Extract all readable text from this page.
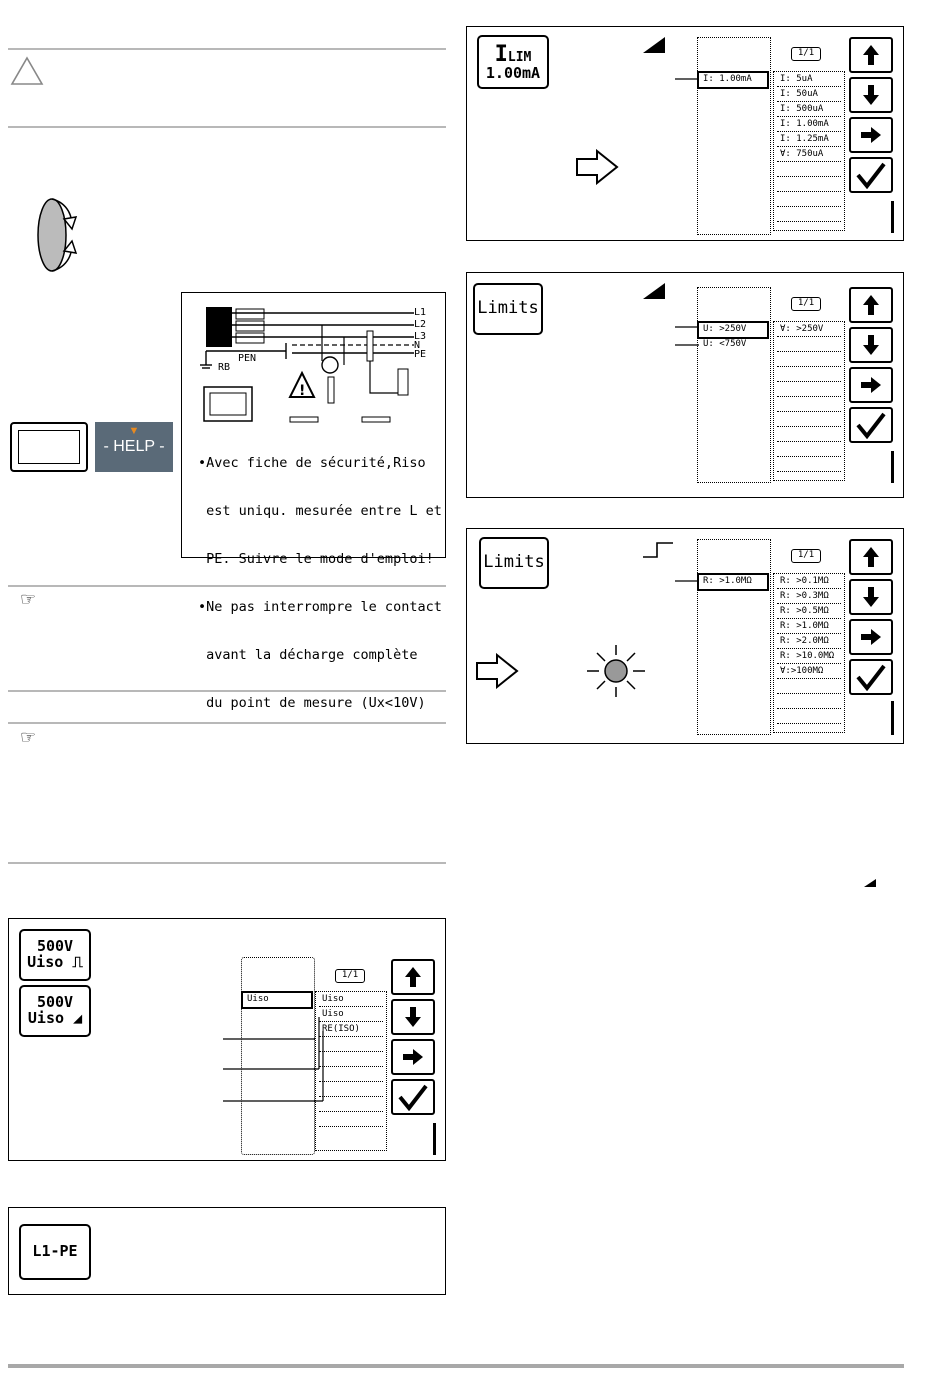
▼
- HELP -
!
L1
L2
L3
N
PE
PEN
RB

•Avec fiche de sécurité,Riso

est uniqu. mesurée entre L et

PE. Suivre le mode d'emploi!

•Ne pas interrompre le contact

avant la décharge complète

du point de mesure (Ux<10V)

☞
☞
500V
Uiso ⎍
500V
Uiso ◢
Uiso
1/1
Uiso
Uiso
RE(ISO)
L1-PE
ILIM
1.00mA	I: 1.00mA
1/1
I: 5uA
I: 50uA
I: 500uA
I: 1.00mA
I: 1.25mA
Ɐ: 750uA
Limits
U: >250V
U: <750V
1/1
Ɐ: >250V
Limits
R: >1.0MΩ
1/1
R: >0.1MΩ
R: >0.3MΩ
R: >0.5MΩ
R: >1.0MΩ
R: >2.0MΩ
R: >10.0MΩ
Ɐ:>100MΩ
